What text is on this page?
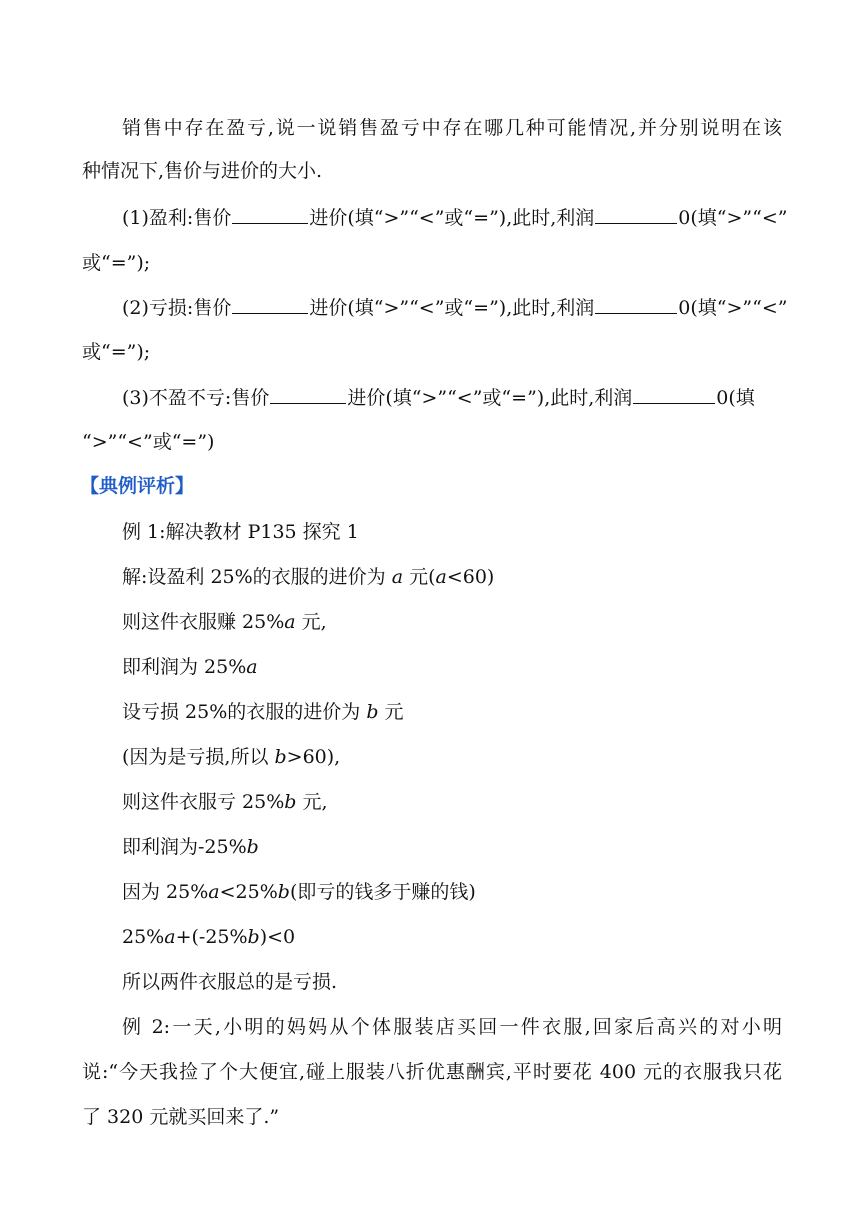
销售中存在盈亏,说一说销售盈亏中存在哪几种可能情况,并分别说明在该
种情况下,售价与进价的大小.
(1)盈利:售价	进价(填“>”“<”或“=”),此时,利润	0(填“>”“<”
或“=”);
(2)亏损:售价	进价(填“>”“<”或“=”),此时,利润	0(填“>”“<”
或“=”);
(3)不盈不亏:售价	进价(填“>”“<”或“=”),此时,利润	0(填
“>”“<”或“=”)
【典例评析】
例 1:解决教材 P135 探究 1
解:设盈利 25%的衣服的进价为 a 元(a<60)
则这件衣服赚 25%a 元,
即利润为 25%a
设亏损 25%的衣服的进价为 b 元
(因为是亏损,所以 b>60),
则这件衣服亏 25%b 元,
即利润为-25%b
因为 25%a<25%b(即亏的钱多于赚的钱)
25%a+(-25%b)<0
所以两件衣服总的是亏损.
例 2:一天,小明的妈妈从个体服装店买回一件衣服,回家后高兴的对小明
说:“今天我捡了个大便宜,碰上服装八折优惠酬宾,平时要花 400 元的衣服我只花
了 320 元就买回来了.”
